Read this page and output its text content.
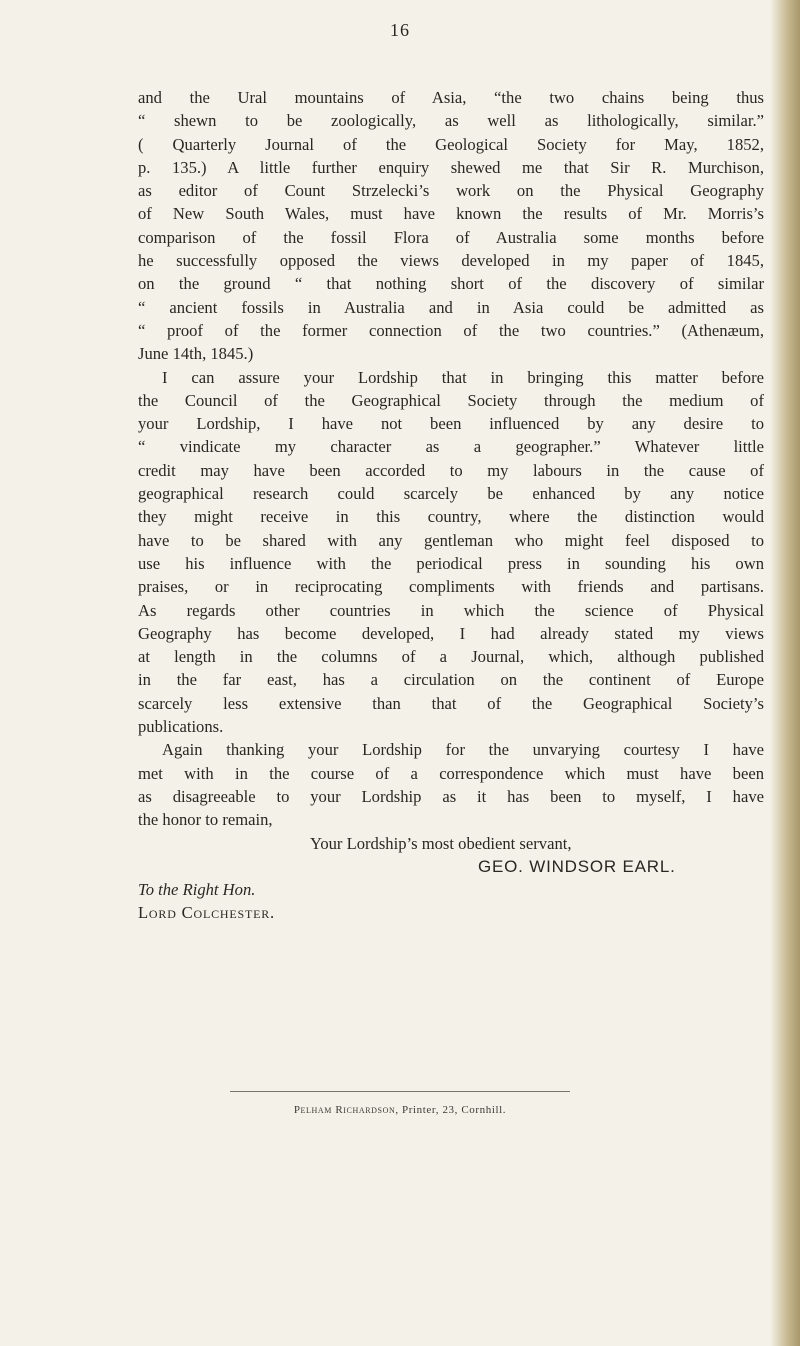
16
and the Ural mountains of Asia, “the two chains being thus
“ shewn to be zoologically, as well as lithologically, similar.”
( Quarterly Journal of the Geological Society for May, 1852,
p. 135.) A little further enquiry shewed me that Sir R. Murchison,
as editor of Count Strzelecki’s work on the Physical Geography
of New South Wales, must have known the results of Mr. Morris’s
comparison of the fossil Flora of Australia some months before
he successfully opposed the views developed in my paper of 1845,
on the ground “ that nothing short of the discovery of similar
“ ancient fossils in Australia and in Asia could be admitted as
“ proof of the former connection of the two countries.” (Athenæum,
June 14th, 1845.)
I can assure your Lordship that in bringing this matter before
the Council of the Geographical Society through the medium of
your Lordship, I have not been influenced by any desire to
“ vindicate my character as a geographer.” Whatever little
credit may have been accorded to my labours in the cause of
geographical research could scarcely be enhanced by any notice
they might receive in this country, where the distinction would
have to be shared with any gentleman who might feel disposed to
use his influence with the periodical press in sounding his own
praises, or in reciprocating compliments with friends and partisans.
As regards other countries in which the science of Physical
Geography has become developed, I had already stated my views
at length in the columns of a Journal, which, although published
in the far east, has a circulation on the continent of Europe
scarcely less extensive than that of the Geographical Society’s
publications.
Again thanking your Lordship for the unvarying courtesy I have
met with in the course of a correspondence which must have been
as disagreeable to your Lordship as it has been to myself, I have
the honor to remain,
Your Lordship’s most obedient servant,
GEO. WINDSOR EARL.
To the Right Hon.
Lord Colchester.
Pelham Richardson, Printer, 23, Cornhill.
